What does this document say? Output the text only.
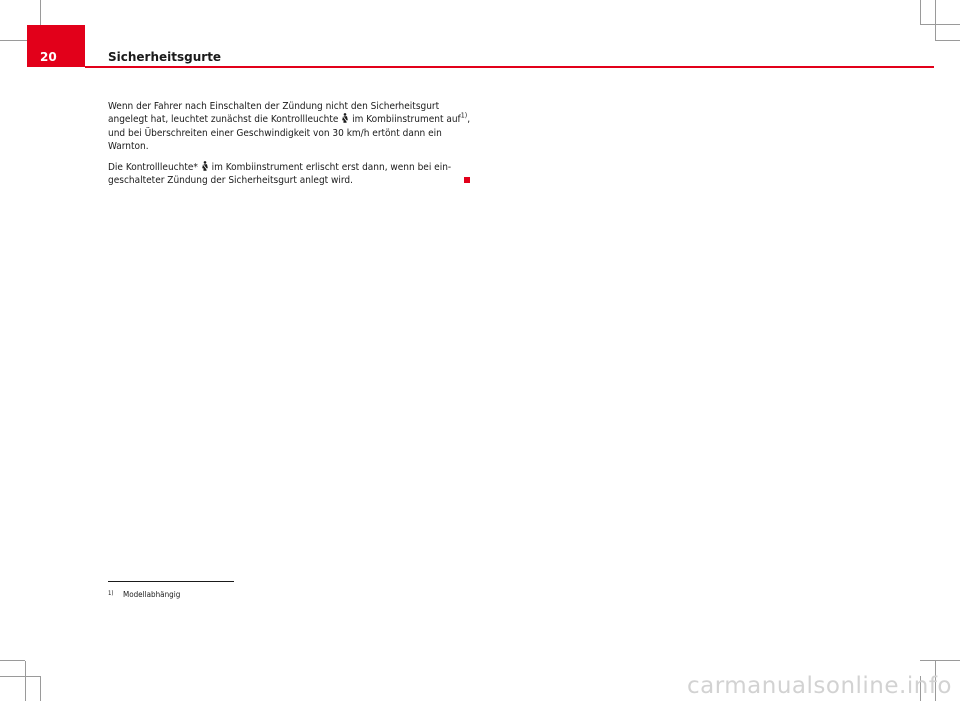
20	Sicherheitsgurte

Wenn der Fahrer nach Einschalten der Zündung nicht den Sicherheitsgurt angelegt hat, leuchtet zunächst die Kontrollleuchte im Kombiinstrument auf$^{1)}$, und bei Überschreiten einer Geschwindigkeit von 30 km/h ertönt dann ein Warnton.

Die Kontrollleuchte* im Kombiinstrument erlischt erst dann, wenn bei ein-geschalteter Zündung der Sicherheitsgurt anlegt wird.

1) Modellabhängig
carmanualsonline.info
